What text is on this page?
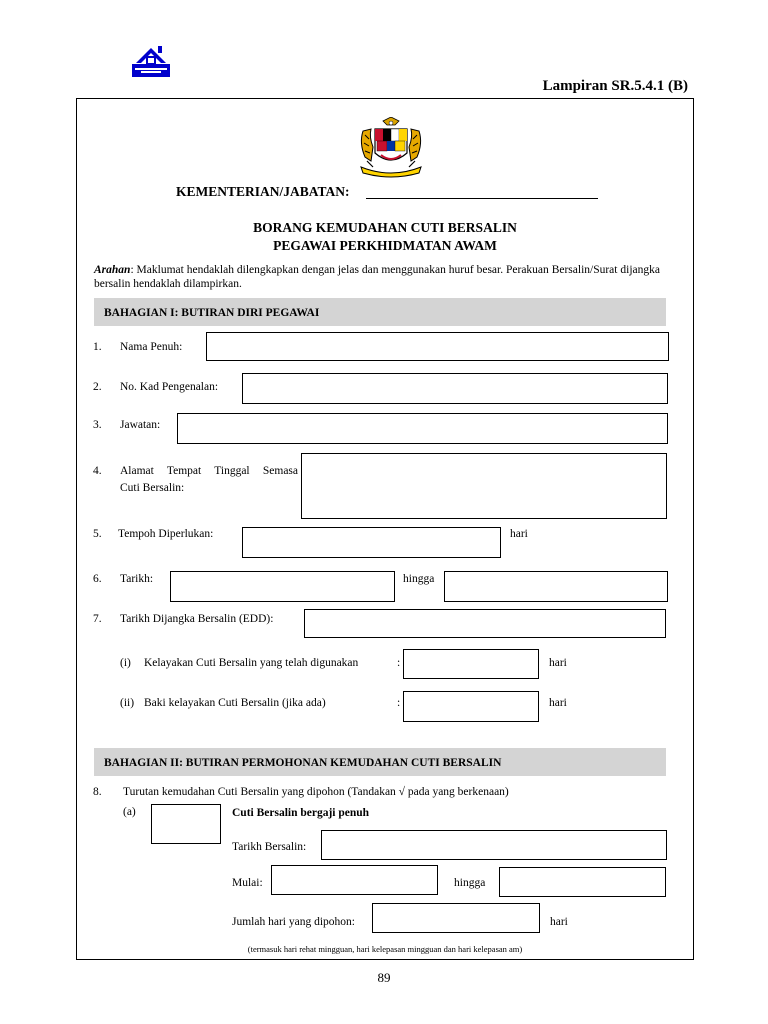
Lampiran SR.5.4.1 (B)
KEMENTERIAN/JABATAN:
BORANG KEMUDAHAN CUTI BERSALIN
PEGAWAI PERKHIDMATAN AWAM
Arahan: Maklumat hendaklah dilengkapkan dengan jelas dan menggunakan huruf besar. Perakuan Bersalin/Surat dijangka bersalin hendaklah dilampirkan.
BAHAGIAN I: BUTIRAN DIRI PEGAWAI
1. Nama Penuh:
2. No. Kad Pengenalan:
3. Jawatan:
4. Alamat Tempat Tinggal Semasa
Cuti Bersalin:
5. Tempoh Diperlukan:	hari
6. Tarikh:	hingga
7. Tarikh Dijangka Bersalin (EDD):
(i) Kelayakan Cuti Bersalin yang telah digunakan	:	hari
(ii) Baki kelayakan Cuti Bersalin (jika ada)	:	hari
BAHAGIAN II: BUTIRAN PERMOHONAN KEMUDAHAN CUTI BERSALIN
8. Turutan kemudahan Cuti Bersalin yang dipohon (Tandakan √ pada yang berkenaan)
(a)	Cuti Bersalin bergaji penuh
Tarikh Bersalin:
Mulai:	hingga
Jumlah hari yang dipohon:	hari
(termasuk hari rehat mingguan, hari kelepasan mingguan dan hari kelepasan am)
89
